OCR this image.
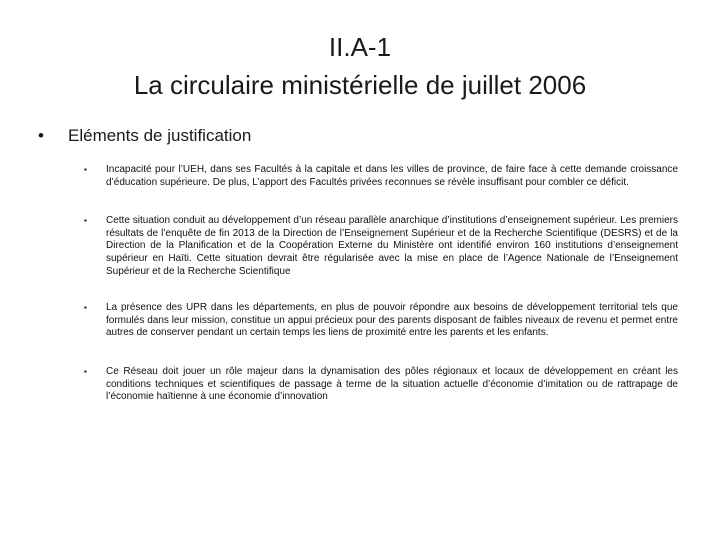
II.A-1
La circulaire ministérielle de juillet 2006
• Eléments de justification
▪	Incapacité pour l’UEH, dans ses Facultés à la capitale et dans les villes de province, de faire face à cette demande croissance d’éducation supérieure. De plus, L’apport des Facultés privées reconnues se révèle insuffisant pour combler ce déficit.
▪	Cette situation conduit au développement d’un réseau parallèle anarchique d’institutions d’enseignement supérieur. Les premiers résultats de l’enquête de fin 2013 de la Direction de l’Enseignement Supérieur et de la Recherche Scientifique (DESRS) et de la Direction de la Planification et de la Coopération Externe du Ministère ont identifié environ 160 institutions d’enseignement supérieur en Haïti. Cette situation devrait être régularisée avec la mise en place de l’Agence Nationale de l’Enseignement Supérieur et de la Recherche Scientifique
▪	La présence des UPR dans les départements, en plus de pouvoir répondre aux besoins de développement territorial tels que formulés dans leur mission, constitue un appui précieux pour des parents disposant de faibles niveaux de revenu et permet entre autres de conserver pendant un certain temps les liens de proximité entre les parents et les enfants.
▪	Ce Réseau doit jouer un rôle majeur dans la dynamisation des pôles régionaux et locaux de développement en créant les conditions techniques et scientifiques de passage à terme de la situation actuelle d’économie d’imitation ou de rattrapage de l’économie haïtienne à une économie d’innovation
